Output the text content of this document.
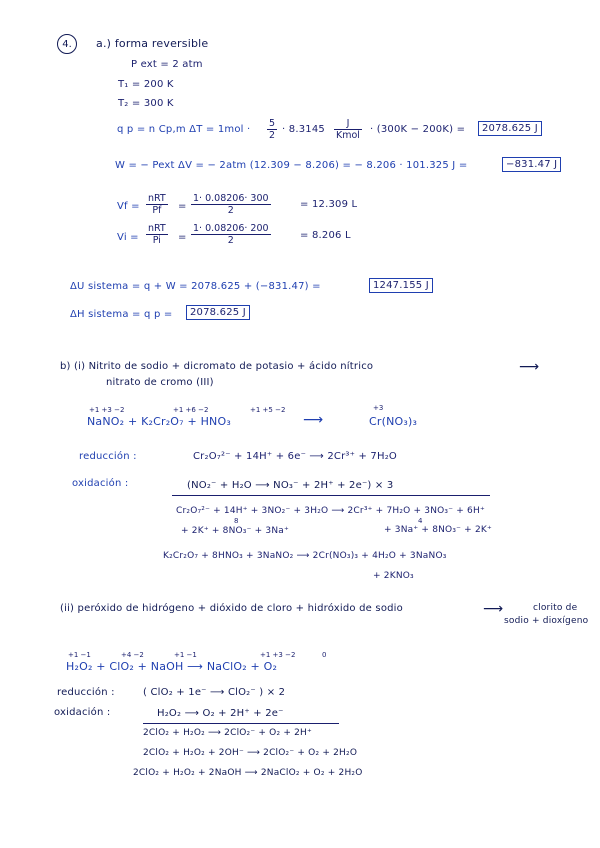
4. a.) forma reversible
P ext = 2 atm
T₁ = 200 K
T₂ = 300 K
q p = n Cp,m ΔT = 1mol ·
5
2
· 8.3145
J
Kmol
· (300K − 200K) =	2078.625 J
W = − Pext ΔV = − 2atm (12.309 − 8.206) = − 8.206 · 101.325 J =	−831.47 J
Vf =
nRT
Pf =
1· 0.08206· 300
2
= 12.309 L
Vi =
nRT
Pi =
1· 0.08206· 200
2	= 8.206 L
ΔU sistema = q + W = 2078.625 + (−831.47) =	1247.155 J
ΔH sistema = q p =	2078.625 J
b) (i) Nitrito de sodio + dicromato de potasio + ácido nítrico	⟶
nitrato de cromo (III)
+1 +3 −2	+1 +6 −2	+1 +5 −2	+3
NaNO₂ + K₂Cr₂O₇ + HNO₃	⟶	Cr(NO₃)₃
reducción :	Cr₂O₇²⁻ + 14H⁺ + 6e⁻ ⟶ 2Cr³⁺ + 7H₂O
oxidación :	(NO₂⁻ + H₂O ⟶ NO₃⁻ + 2H⁺ + 2e⁻) × 3
Cr₂O₇²⁻ + 14H⁺ + 3NO₂⁻ + 3H₂O ⟶ 2Cr³⁺ + 7H₂O + 3NO₃⁻ + 6H⁺
8	4
+ 2K⁺ + 8NO₃⁻ + 3Na⁺	+ 3Na⁺ + 8NO₃⁻ + 2K⁺
K₂Cr₂O₇ + 8HNO₃ + 3NaNO₂ ⟶ 2Cr(NO₃)₃ + 4H₂O + 3NaNO₃
+ 2KNO₃
(ii) peróxido de hidrógeno + dióxido de cloro + hidróxido de sodio	⟶	clorito de
sodio + dioxígeno
+1 −1	+4 −2	+1 −1	+1 +3 −2	0
H₂O₂ + ClO₂ + NaOH ⟶ NaClO₂ + O₂
reducción :	( ClO₂ + 1e⁻ ⟶ ClO₂⁻ ) × 2
oxidación :	H₂O₂ ⟶ O₂ + 2H⁺ + 2e⁻
2ClO₂ + H₂O₂ ⟶ 2ClO₂⁻ + O₂ + 2H⁺
2ClO₂ + H₂O₂ + 2OH⁻ ⟶ 2ClO₂⁻ + O₂ + 2H₂O
2ClO₂ + H₂O₂ + 2NaOH ⟶ 2NaClO₂ + O₂ + 2H₂O
